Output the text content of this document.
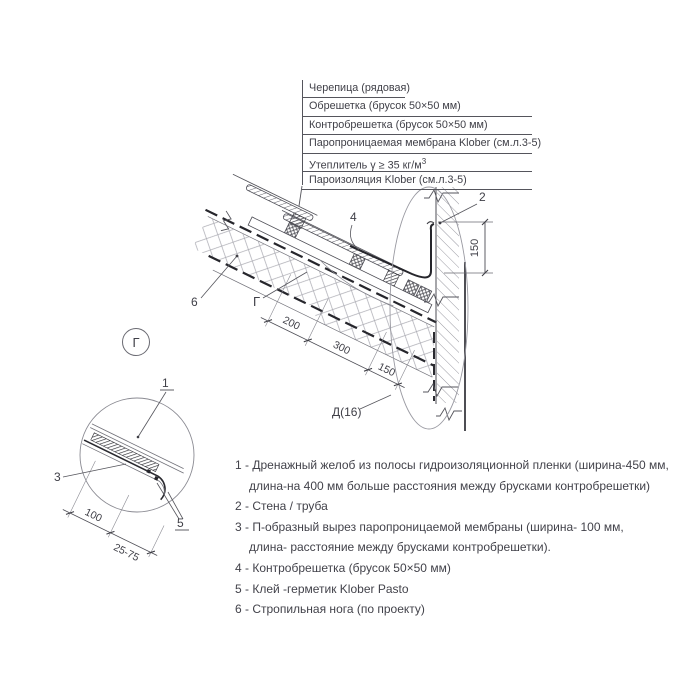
150
200
300
150
2
4
6	Г
Д(16)
Г
100
25-75
1
3
5
Черепица (рядовая)
Обрешетка (брусок 50×50 мм)
Контробрешетка (брусок 50×50 мм)
Паропроницаемая мембрана Klober (см.л.3-5)
Утеплитель γ ≥ 35 $кг/м^3$
Пароизоляция Klober (см.л.3-5)
1 - Дренажный желоб из полосы гидроизоляционной пленки (ширина-450 мм,
длина-на 400 мм больше расстояния между брусками контробрешетки)
2 - Стена / труба
3 - П-образный вырез паропроницаемой мембраны (ширина- 100 мм,
длина- расстояние между брусками контробрешетки).
4 - Контробрешетка (брусок 50×50 мм)
5 - Клей -герметик Klober Pasto
6 - Стропильная нога (по проекту)
